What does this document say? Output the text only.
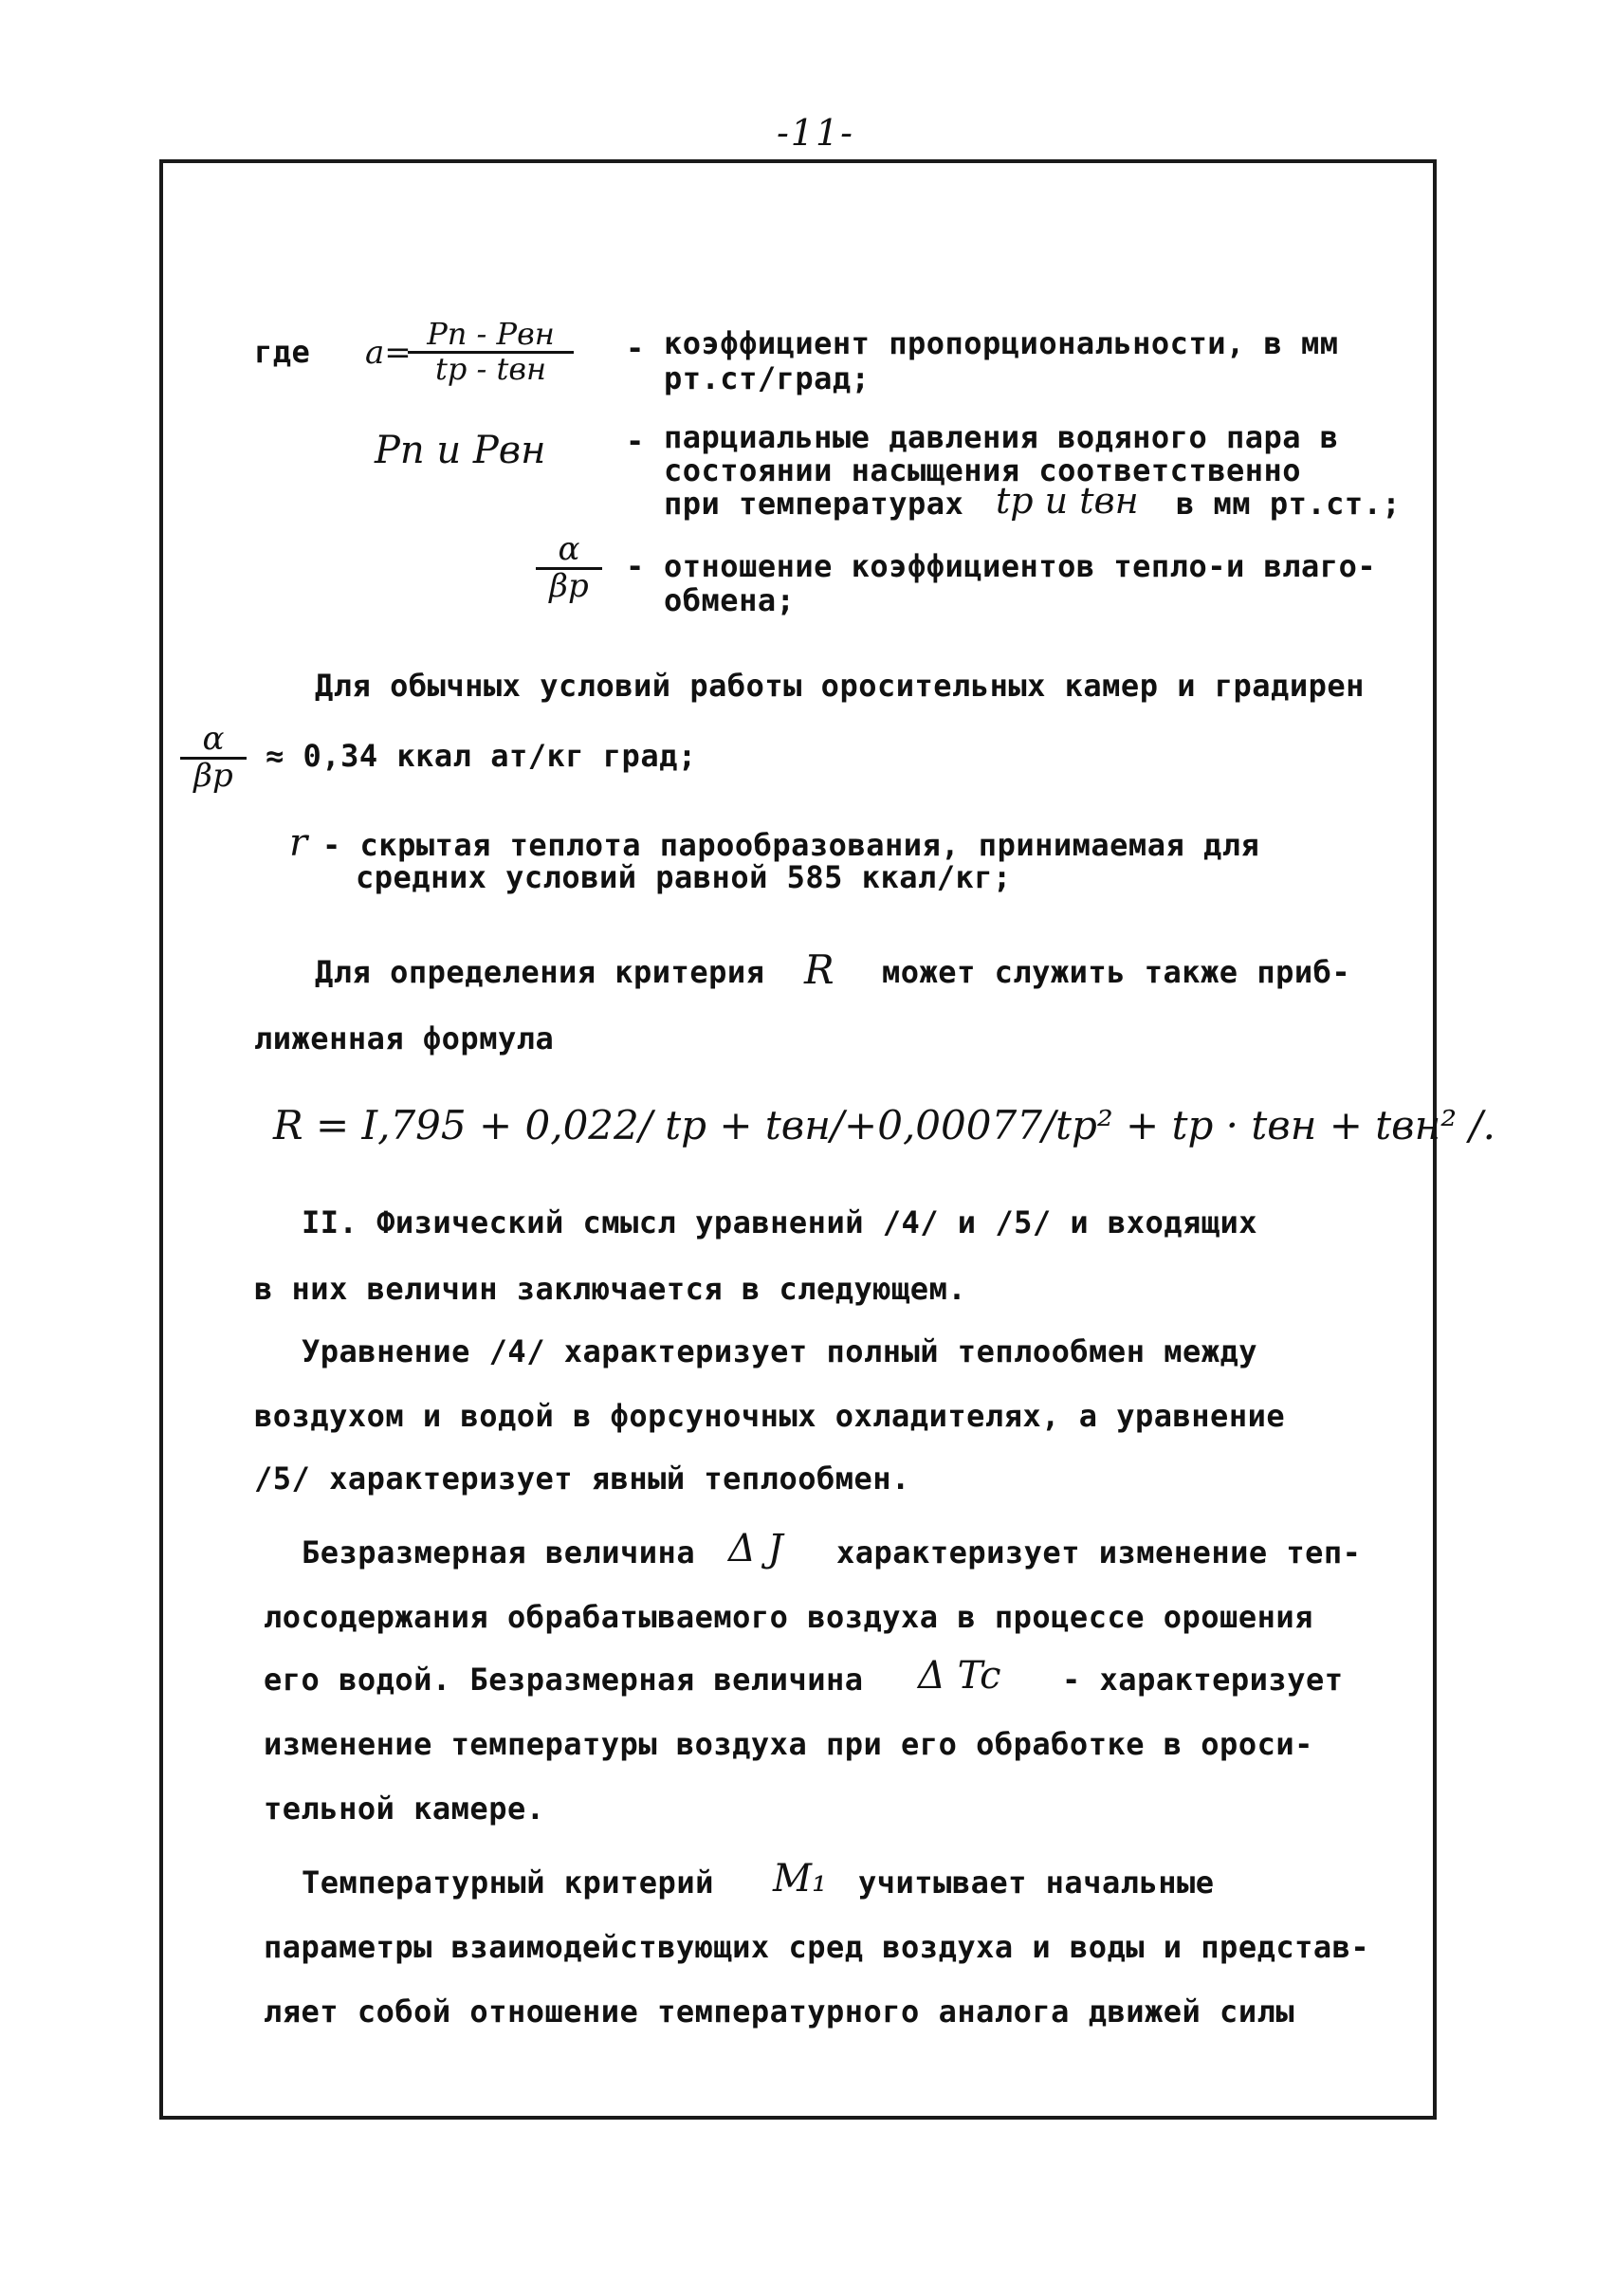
-11-
где a= Pп - Pвн
tp - tвн
- коэффициент пропорциональности, в мм
рт.ст/град;
Pп и Pвн	- парциальные давления водяного пара в
состоянии насыщения соответственно
при температурах tp и tвн в мм рт.ст.;
$\frac{\alpha}{\beta p}$ - отношение коэффициентов тепло-и влаго-
обмена;
Для обычных условий работы оросительных камер и градирен
$\frac{\alpha}{\beta p} \approx 0,34$ ккал ат/кг град;
r - скрытая теплота парообразования, принимаемая для
средних условий равной 585 ккал/кг;
Для определения критерия R может служить также приб-
лиженная формула
R = I,795 + 0,022/ tp + tвн/+0,00077/tp² + tp · tвн + tвн² /.
II. Физический смысл уравнений /4/ и /5/ и входящих
в них величин заключается в следующем.
Уравнение /4/ характеризует полный теплообмен между
воздухом и водой в форсуночных охладителях, а уравнение
/5/ характеризует явный теплообмен.
Безразмерная величина Δ J характеризует изменение теп-
лосодержания обрабатываемого воздуха в процессе орошения
его водой. Безразмерная величина Δ Tc - характеризует
изменение температуры воздуха при его обработке в ороси-
тельной камере.
Температурный критерий M₁ учитывает начальные
параметры взаимодействующих сред воздуха и воды и представ-
ляет собой отношение температурного аналога движей силы
